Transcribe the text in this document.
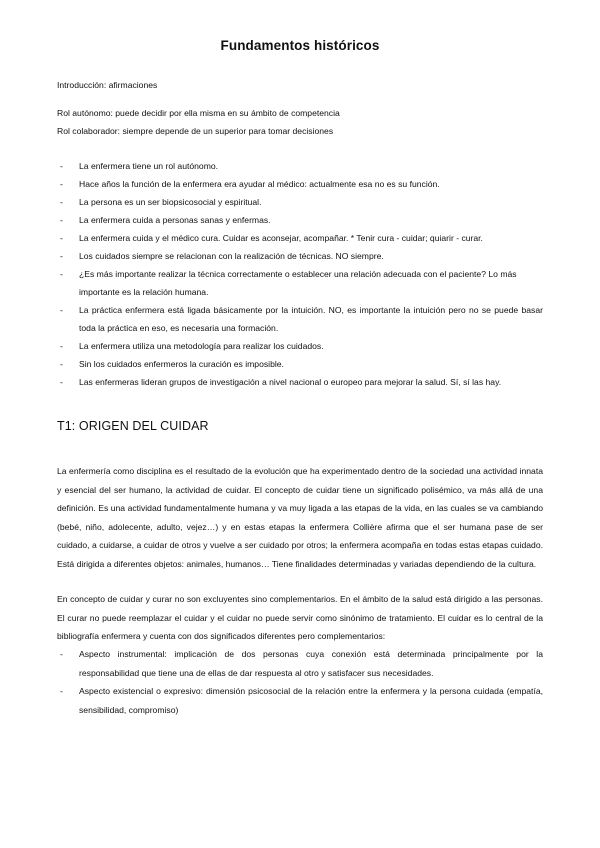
Fundamentos históricos

Introducción: afirmaciones

Rol autónomo: puede decidir por ella misma en su ámbito de competencia

Rol colaborador: siempre depende de un superior para tomar decisiones

- La enfermera tiene un rol autónomo.
- Hace años la función de la enfermera era ayudar al médico: actualmente esa no es su función.
- La persona es un ser biopsicosocial y espiritual.
- La enfermera cuida a personas sanas y enfermas.
- La enfermera cuida y el médico cura. Cuidar es aconsejar, acompañar. * Tenir cura - cuidar; quiarir - curar.
- Los cuidados siempre se relacionan con la realización de técnicas. NO siempre.
- ¿Es más importante realizar la técnica correctamente o establecer una relación adecuada con el paciente? Lo más importante es la relación humana.
- La práctica enfermera está ligada básicamente por la intuición. NO, es importante la intuición pero no se puede basar toda la práctica en eso, es necesaria una formación.
- La enfermera utiliza una metodología para realizar los cuidados.
- Sin los cuidados enfermeros la curación es imposible.
- Las enfermeras lideran grupos de investigación a nivel nacional o europeo para mejorar la salud. Sí, sí las hay.
T1: ORIGEN DEL CUIDAR

La enfermería como disciplina es el resultado de la evolución que ha experimentado dentro de la sociedad una actividad innata y esencial del ser humano, la actividad de cuidar. El concepto de cuidar tiene un significado polisémico, va más allá de una definición. Es una actividad fundamentalmente humana y va muy ligada a las etapas de la vida, en las cuales se va cambiando (bebé, niño, adolecente, adulto, vejez…) y en estas etapas la enfermera Collière afirma que el ser humana pase de ser cuidado, a cuidarse, a cuidar de otros y vuelve a ser cuidado por otros; la enfermera acompaña en todas estas etapas cuidado. Está dirigida a diferentes objetos: animales, humanos… Tiene finalidades determinadas y variadas dependiendo de la cultura.

En concepto de cuidar y curar no son excluyentes sino complementarios. En el ámbito de la salud está dirigido a las personas. El curar no puede reemplazar el cuidar y el cuidar no puede servir como sinónimo de tratamiento. El cuidar es lo central de la bibliografía enfermera y cuenta con dos significados diferentes pero complementarios:

- Aspecto instrumental: implicación de dos personas cuya conexión está determinada principalmente por la responsabilidad que tiene una de ellas de dar respuesta al otro y satisfacer sus necesidades.
- Aspecto existencial o expresivo: dimensión psicosocial de la relación entre la enfermera y la persona cuidada (empatía, sensibilidad, compromiso)
